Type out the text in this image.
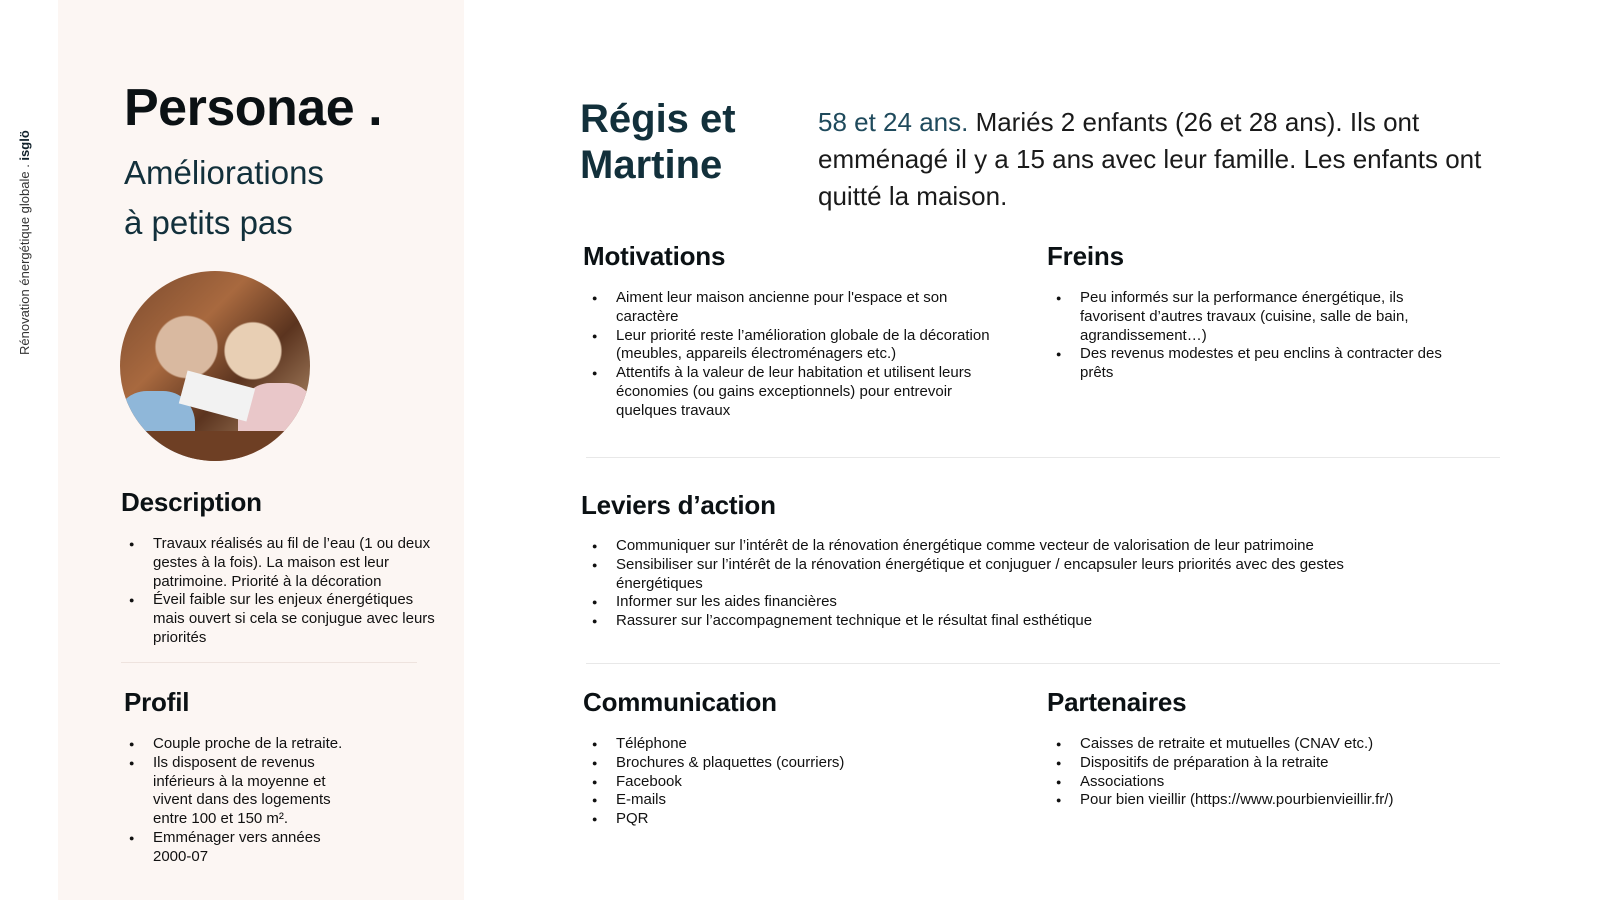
Rénovation énergétique globale . isglö
Personae .
Améliorations
à petits pas
Description
● Travaux réalisés au fil de l’eau (1 ou deux gestes à la fois). La maison est leur patrimoine. Priorité à la décoration
● Éveil faible sur les enjeux énergétiques mais ouvert si cela se conjugue avec leurs priorités
Profil
● Couple proche de la retraite.
● Ils disposent de revenus inférieurs à la moyenne et vivent dans des logements entre 100 et 150 m².
● Emménager vers années 2000-07
Régis et
Martine
58 et 24 ans. Mariés 2 enfants (26 et 28 ans). Ils ont emménagé il y a 15 ans avec leur famille. Les enfants ont quitté la maison.
Motivations
● Aiment leur maison ancienne pour l'espace et son caractère
● Leur priorité reste l’amélioration globale de la décoration (meubles, appareils électroménagers etc.)
● Attentifs à la valeur de leur habitation et utilisent leurs économies (ou gains exceptionnels) pour entrevoir quelques travaux
Freins
● Peu informés sur la performance énergétique, ils favorisent d’autres travaux (cuisine, salle de bain, agrandissement…)
● Des revenus modestes et peu enclins à contracter des prêts
Leviers d’action
● Communiquer sur l’intérêt de la rénovation énergétique comme vecteur de valorisation de leur patrimoine
● Sensibiliser sur l’intérêt de la rénovation énergétique et conjuguer / encapsuler leurs priorités avec des gestes énergétiques
● Informer sur les aides financières
● Rassurer sur l’accompagnement technique et le résultat final esthétique
Communication
● Téléphone
● Brochures & plaquettes (courriers)
● Facebook
● E-mails
● PQR
Partenaires
● Caisses de retraite et mutuelles (CNAV etc.)
● Dispositifs de préparation à la retraite
● Associations
● Pour bien vieillir (https://www.pourbienvieillir.fr/)
